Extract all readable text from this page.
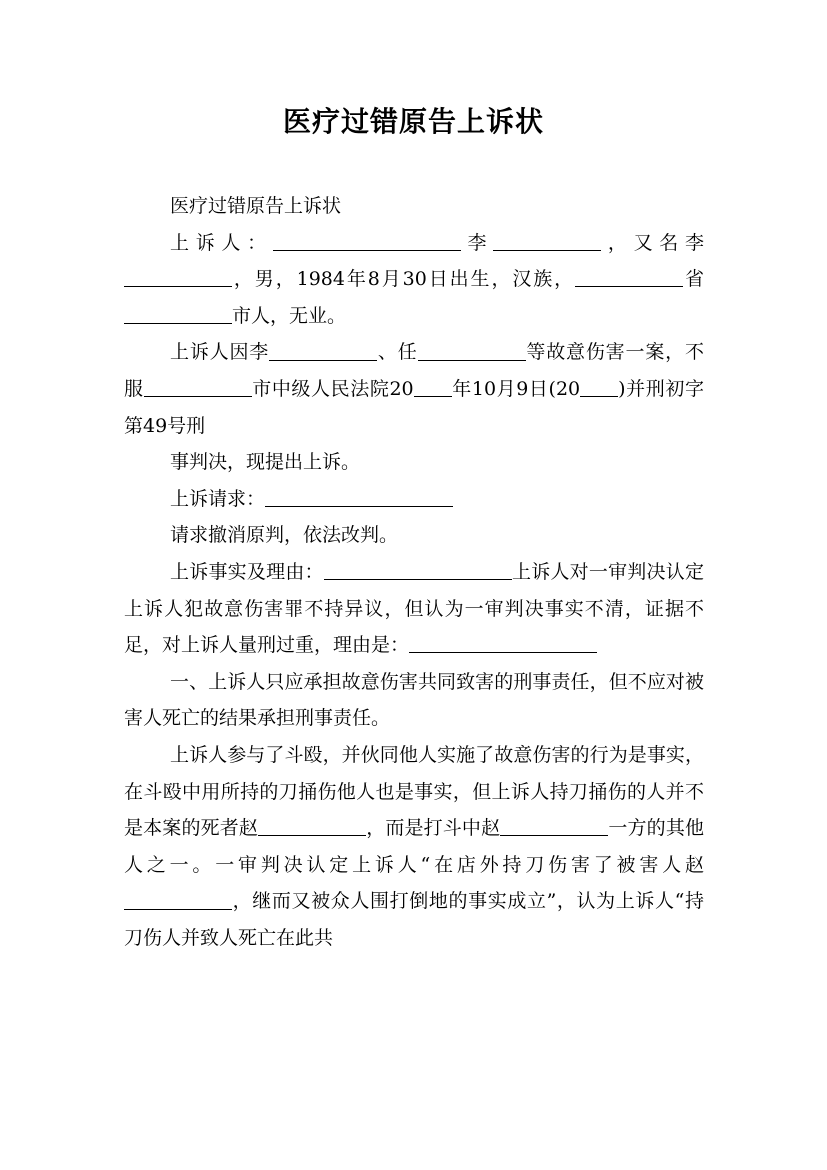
医疗过错原告上诉状

医疗过错原告上诉状

上诉人：	李	，又名李，男，1984年8月30日出生，汉族，	省市人，无业。

上诉人因李	、任	等故意伤害一案，不服	市中级人民法院20 年10月9日(20 )并刑初字第49号刑

事判决，现提出上诉。

上诉请求：

请求撤消原判，依法改判。

上诉事实及理由：	上诉人对一审判决认定上诉人犯故意伤害罪不持异议，但认为一审判决事实不清，证据不足，对上诉人量刑过重，理由是：

一、上诉人只应承担故意伤害共同致害的刑事责任，但不应对被害人死亡的结果承担刑事责任。

上诉人参与了斗殴，并伙同他人实施了故意伤害的行为是事实，在斗殴中用所持的刀捅伤他人也是事实，但上诉人持刀捅伤的人并不是本案的死者赵	，而是打斗中赵	一方的其他人之一。一审判决认定上诉人“在店外持刀伤害了被害人赵，继而又被众人围打倒地的事实成立”，认为上诉人“持刀伤人并致人死亡在此共
